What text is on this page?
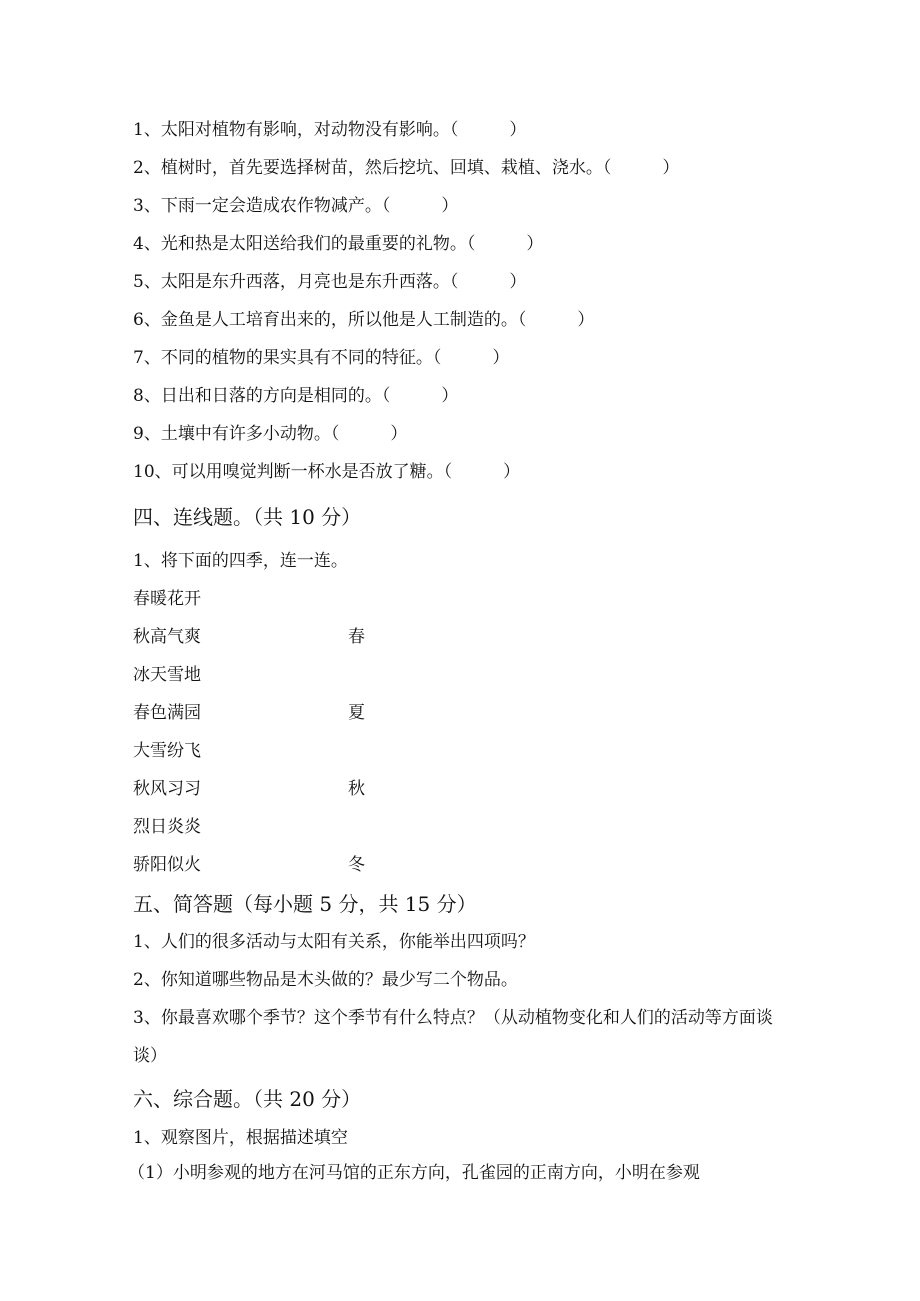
1、太阳对植物有影响，对动物没有影响。（　　　）
2、植树时，首先要选择树苗，然后挖坑、回填、栽植、浇水。（　　　）
3、下雨一定会造成农作物减产。（　　　）
4、光和热是太阳送给我们的最重要的礼物。（　　　）
5、太阳是东升西落，月亮也是东升西落。（　　　）
6、金鱼是人工培育出来的，所以他是人工制造的。（　　　）
7、不同的植物的果实具有不同的特征。（　　　）
8、日出和日落的方向是相同的。（　　　）
9、土壤中有许多小动物。（　　　）
10、可以用嗅觉判断一杯水是否放了糖。（　　　）
四、连线题。（共 10 分）
1、将下面的四季，连一连。
春暖花开
秋高气爽
冰天雪地
春色满园
大雪纷飞
秋风习习
烈日炎炎
骄阳似火
春
夏
秋
冬
五、简答题（每小题 5 分，共 15 分）
1、人们的很多活动与太阳有关系，你能举出四项吗？
2、你知道哪些物品是木头做的？最少写二个物品。
3、你最喜欢哪个季节？这个季节有什么特点？（从动植物变化和人们的活动等方面谈谈）
六、综合题。（共 20 分）
1、观察图片，根据描述填空
（1）小明参观的地方在河马馆的正东方向，孔雀园的正南方向，小明在参观
